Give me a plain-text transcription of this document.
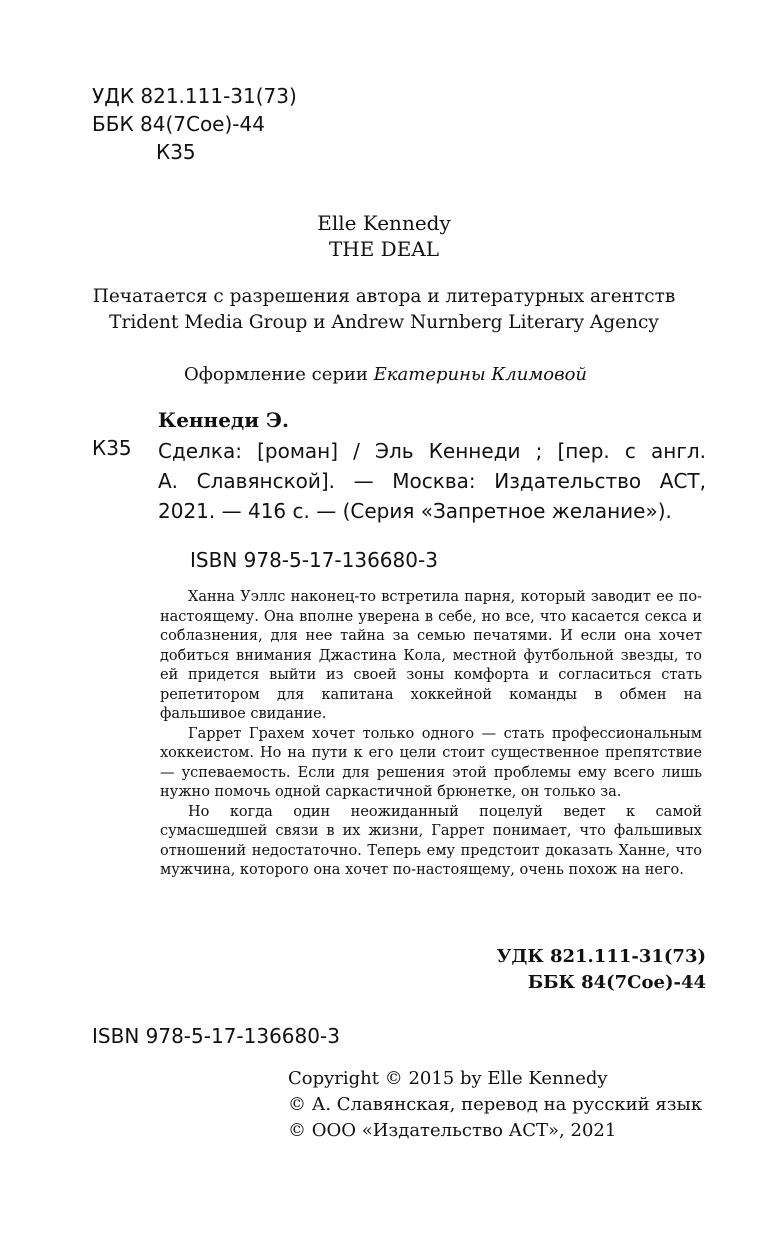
УДК 821.111-31(73)
ББК 84(7Сое)-44
К35
Elle Kennedy
THE DEAL
Печатается с разрешения автора и литературных агентств
Trident Media Group и Andrew Nurnberg Literary Agency
Оформление серии Екатерины Климовой
Кеннеди Э.
К35 Сделка: [роман] / Эль Кеннеди ; [пер. с англ.
А. Славянской]. — Москва: Издательство АСТ,
2021. — 416 с. — (Серия «Запретное желание»).
ISBN 978-5-17-136680-3

Ханна Уэллс наконец-то встретила парня, который заводит ее по-настоящему. Она вполне уверена в себе, но все, что касается секса и соблазнения, для нее тайна за семью печатями. И если она хочет добиться внимания Джастина Кола, местной футбольной звезды, то ей придется выйти из своей зоны комфорта и согласиться стать репетитором для капитана хоккейной команды в обмен на фальшивое свидание.

Гаррет Грахем хочет только одного — стать профессиональным хоккеистом. Но на пути к его цели стоит существенное препятствие — успеваемость. Если для решения этой проблемы ему всего лишь нужно помочь одной саркастичной брюнетке, он только за.

Но когда один неожиданный поцелуй ведет к самой сумасшедшей связи в их жизни, Гаррет понимает, что фальшивых отношений недостаточно. Теперь ему предстоит доказать Ханне, что мужчина, которого она хочет по-настоящему, очень похож на него.

УДК 821.111-31(73)
ББК 84(7Сое)-44
ISBN 978-5-17-136680-3
Copyright © 2015 by Elle Kennedy
© А. Славянская, перевод на русский язык
© ООО «Издательство АСТ», 2021
